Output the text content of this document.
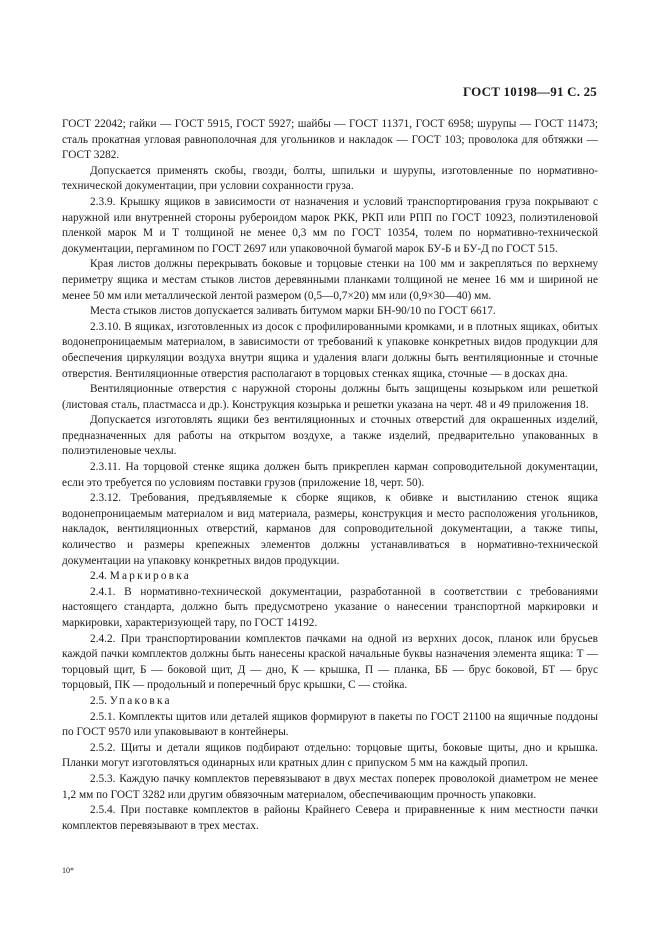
ГОСТ 10198—91 С. 25

ГОСТ 22042; гайки — ГОСТ 5915, ГОСТ 5927; шайбы — ГОСТ 11371, ГОСТ 6958; шурупы — ГОСТ 11473; сталь прокатная угловая равнополочная для угольников и накладок — ГОСТ 103; проволока для обтяжки — ГОСТ 3282.

Допускается применять скобы, гвозди, болты, шпильки и шурупы, изготовленные по нормативно-технической документации, при условии сохранности груза.

2.3.9. Крышку ящиков в зависимости от назначения и условий транспортирования груза покрывают с наружной или внутренней стороны рубероидом марок РКК, РКП или РПП по ГОСТ 10923, полиэтиленовой пленкой марок М и Т толщиной не менее 0,3 мм по ГОСТ 10354, толем по нормативно-технической документации, пергамином по ГОСТ 2697 или упаковочной бумагой марок БУ-Б и БУ-Д по ГОСТ 515.

Края листов должны перекрывать боковые и торцовые стенки на 100 мм и закрепляться по верхнему периметру ящика и местам стыков листов деревянными планками толщиной не менее 16 мм и шириной не менее 50 мм или металлической лентой размером (0,5—0,7×20) мм или (0,9×30—40) мм.

Места стыков листов допускается заливать битумом марки БН-90/10 по ГОСТ 6617.

2.3.10. В ящиках, изготовленных из досок с профилированными кромками, и в плотных ящиках, обитых водонепроницаемым материалом, в зависимости от требований к упаковке конкретных видов продукции для обеспечения циркуляции воздуха внутри ящика и удаления влаги должны быть вентиляционные и сточные отверстия. Вентиляционные отверстия располагают в торцовых стенках ящика, сточные — в досках дна.

Вентиляционные отверстия с наружной стороны должны быть защищены козырьком или решеткой (листовая сталь, пластмасса и др.). Конструкция козырька и решетки указана на черт. 48 и 49 приложения 18.

Допускается изготовлять ящики без вентиляционных и сточных отверстий для окрашенных изделий, предназначенных для работы на открытом воздухе, а также изделий, предварительно упакованных в полиэтиленовые чехлы.

2.3.11. На торцовой стенке ящика должен быть прикреплен карман сопроводительной документации, если это требуется по условиям поставки грузов (приложение 18, черт. 50).

2.3.12. Требования, предъявляемые к сборке ящиков, к обивке и выстиланию стенок ящика водонепроницаемым материалом и вид материала, размеры, конструкция и место расположения угольников, накладок, вентиляционных отверстий, карманов для сопроводительной документации, а также типы, количество и размеры крепежных элементов должны устанавливаться в нормативно-технической документации на упаковку конкретных видов продукции.

2.4. Маркировка

2.4.1. В нормативно-технической документации, разработанной в соответствии с требованиями настоящего стандарта, должно быть предусмотрено указание о нанесении транспортной маркировки и маркировки, характеризующей тару, по ГОСТ 14192.

2.4.2. При транспортировании комплектов пачками на одной из верхних досок, планок или брусьев каждой пачки комплектов должны быть нанесены краской начальные буквы назначения элемента ящика: Т — торцовый щит, Б — боковой щит, Д — дно, К — крышка, П — планка, ББ — брус боковой, БТ — брус торцовый, ПК — продольный и поперечный брус крышки, С — стойка.

2.5. Упаковка

2.5.1. Комплекты щитов или деталей ящиков формируют в пакеты по ГОСТ 21100 на ящичные поддоны по ГОСТ 9570 или упаковывают в контейнеры.

2.5.2. Щиты и детали ящиков подбирают отдельно: торцовые щиты, боковые щиты, дно и крышка. Планки могут изготовляться одинарных или кратных длин с припуском 5 мм на каждый пропил.

2.5.3. Каждую пачку комплектов перевязывают в двух местах поперек проволокой диаметром не менее 1,2 мм по ГОСТ 3282 или другим обвязочным материалом, обеспечивающим прочность упаковки.

2.5.4. При поставке комплектов в районы Крайнего Севера и приравненные к ним местности пачки комплектов перевязывают в трех местах.

10*
